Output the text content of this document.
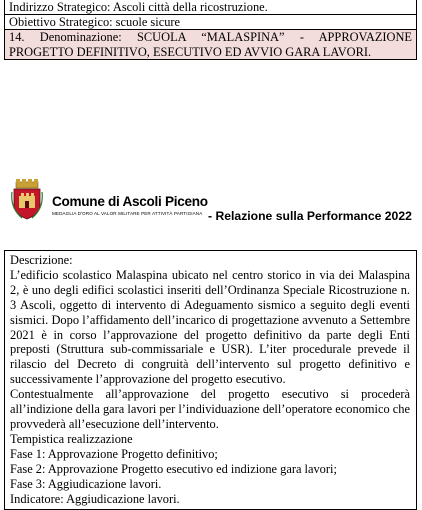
Indirizzo Strategico: Ascoli città della ricostruzione.
Obiettivo Strategico: scuole sicure
14. Denominazione: SCUOLA “MALASPINA” - APPROVAZIONE
PROGETTO DEFINITIVO, ESECUTIVO ED AVVIO GARA LAVORI.
Comune di Ascoli Piceno
MEDAGLIA D'ORO AL VALOR MILITARE PER ATTIVITÀ PARTIGIANA - Relazione sulla Performance 2022

Descrizione:

L’edificio scolastico Malaspina ubicato nel centro storico in via dei Malaspina 2, è uno degli edifici scolastici inseriti dell’Ordinanza Speciale Ricostruzione n. 3 Ascoli, oggetto di intervento di Adeguamento sismico a seguito degli eventi sismici. Dopo l’affidamento dell’incarico di progettazione avvenuto a Settembre 2021 è in corso l’approvazione del progetto definitivo da parte degli Enti preposti (Struttura sub-commissariale e USR). L’iter procedurale prevede il rilascio del Decreto di congruità dell’intervento sul progetto definitivo e successivamente l’approvazione del progetto esecutivo.

Contestualmente all’approvazione del progetto esecutivo si procederà all’indizione della gara lavori per l’individuazione dell’operatore economico che provvederà all’esecuzione dell’intervento.

Tempistica realizzazione

Fase 1: Approvazione Progetto definitivo;

Fase 2: Approvazione Progetto esecutivo ed indizione gara lavori;

Fase 3: Aggiudicazione lavori.

Indicatore: Aggiudicazione lavori.
